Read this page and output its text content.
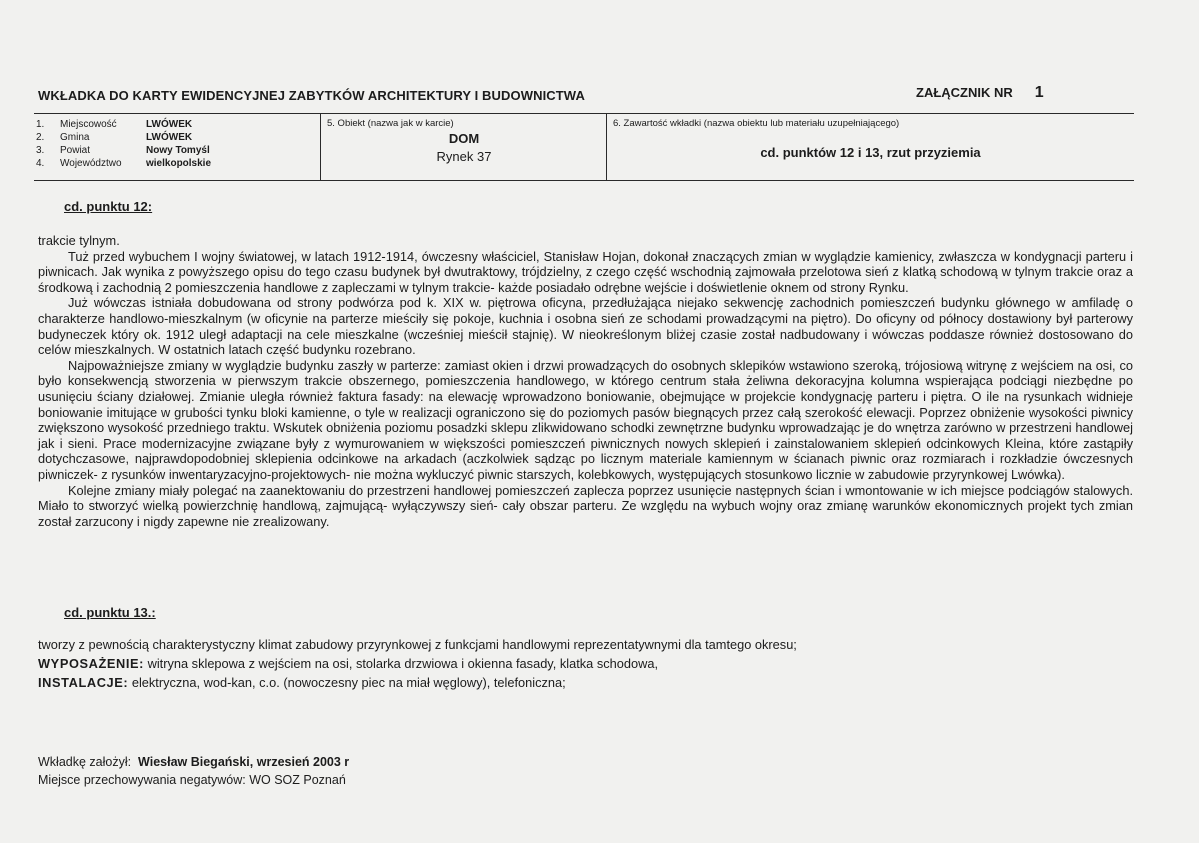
WKŁADKA DO KARTY EWIDENCYJNEJ ZABYTKÓW ARCHITEKTURY I BUDOWNICTWA	ZAŁĄCZNIK NR 1
1. Miejscowość	LWÓWEK
2. Gmina	LWÓWEK
3. Powiat	Nowy Tomyśl
4. Województwo wielkopolskie
5. Obiekt (nazwa jak w karcie)
DOM
Rynek 37
6. Zawartość wkładki (nazwa obiektu lub materiału uzupełniającego)
cd. punktów 12 i 13, rzut przyziemia
cd. punktu 12:

trakcie tylnym.

Tuż przed wybuchem I wojny światowej, w latach 1912-1914, ówczesny właściciel, Stanisław Hojan, dokonał znaczących zmian w wyglądzie kamienicy, zwłaszcza w kondygnacji parteru i piwnicach. Jak wynika z powyższego opisu do tego czasu budynek był dwutraktowy, trójdzielny, z czego część wschodnią zajmowała przelotowa sień z klatką schodową w tylnym trakcie oraz a środkową i zachodnią 2 pomieszczenia handlowe z zapleczami w tylnym trakcie- każde posiadało odrębne wejście i doświetlenie oknem od strony Rynku.

Już wówczas istniała dobudowana od strony podwórza pod k. XIX w. piętrowa oficyna, przedłużająca niejako sekwencję zachodnich pomieszczeń budynku głównego w amfiladę o charakterze handlowo-mieszkalnym (w oficynie na parterze mieściły się pokoje, kuchnia i osobna sień ze schodami prowadzącymi na piętro). Do oficyny od północy dostawiony był parterowy budyneczek który ok. 1912 uległ adaptacji na cele mieszkalne (wcześniej mieścił stajnię). W nieokreślonym bliżej czasie został nadbudowany i wówczas poddasze również dostosowano do celów mieszkalnych. W ostatnich latach część budynku rozebrano.

Najpoważniejsze zmiany w wyglądzie budynku zaszły w parterze: zamiast okien i drzwi prowadzących do osobnych sklepików wstawiono szeroką, trójosiową witrynę z wejściem na osi, co było konsekwencją stworzenia w pierwszym trakcie obszernego, pomieszczenia handlowego, w którego centrum stała żeliwna dekoracyjna kolumna wspierająca podciągi niezbędne po usunięciu ściany działowej. Zmianie uległa również faktura fasady: na elewację wprowadzono boniowanie, obejmujące w projekcie kondygnację parteru i piętra. O ile na rysunkach widnieje boniowanie imitujące w grubości tynku bloki kamienne, o tyle w realizacji ograniczono się do poziomych pasów biegnących przez całą szerokość elewacji. Poprzez obniżenie wysokości piwnicy zwiększono wysokość przedniego traktu. Wskutek obniżenia poziomu posadzki sklepu zlikwidowano schodki zewnętrzne budynku wprowadzając je do wnętrza zarówno w przestrzeni handlowej jak i sieni. Prace modernizacyjne związane były z wymurowaniem w większości pomieszczeń piwnicznych nowych sklepień i zainstalowaniem sklepień odcinkowych Kleina, które zastąpiły dotychczasowe, najprawdopodobniej sklepienia odcinkowe na arkadach (aczkolwiek sądząc po licznym materiale kamiennym w ścianach piwnic oraz rozmiarach i rozkładzie ówczesnych piwniczek- z rysunków inwentaryzacyjno-projektowych- nie można wykluczyć piwnic starszych, kolebkowych, występujących stosunkowo licznie w zabudowie przyrynkowej Lwówka).

Kolejne zmiany miały polegać na zaanektowaniu do przestrzeni handlowej pomieszczeń zaplecza poprzez usunięcie następnych ścian i wmontowanie w ich miejsce podciągów stalowych. Miało to stworzyć wielką powierzchnię handlową, zajmującą- wyłączywszy sień- cały obszar parteru. Ze względu na wybuch wojny oraz zmianę warunków ekonomicznych projekt tych zmian został zarzucony i nigdy zapewne nie zrealizowany.

cd. punktu 13.:
tworzy z pewnością charakterystyczny klimat zabudowy przyrynkowej z funkcjami handlowymi reprezentatywnymi dla tamtego okresu;
WYPOSAŻENIE: witryna sklepowa z wejściem na osi, stolarka drzwiowa i okienna fasady, klatka schodowa,
INSTALACJE: elektryczna, wod-kan, c.o. (nowoczesny piec na miał węglowy), telefoniczna;
Wkładkę założył: Wiesław Biegański, wrzesień 2003 r
Miejsce przechowywania negatywów: WO SOZ Poznań
